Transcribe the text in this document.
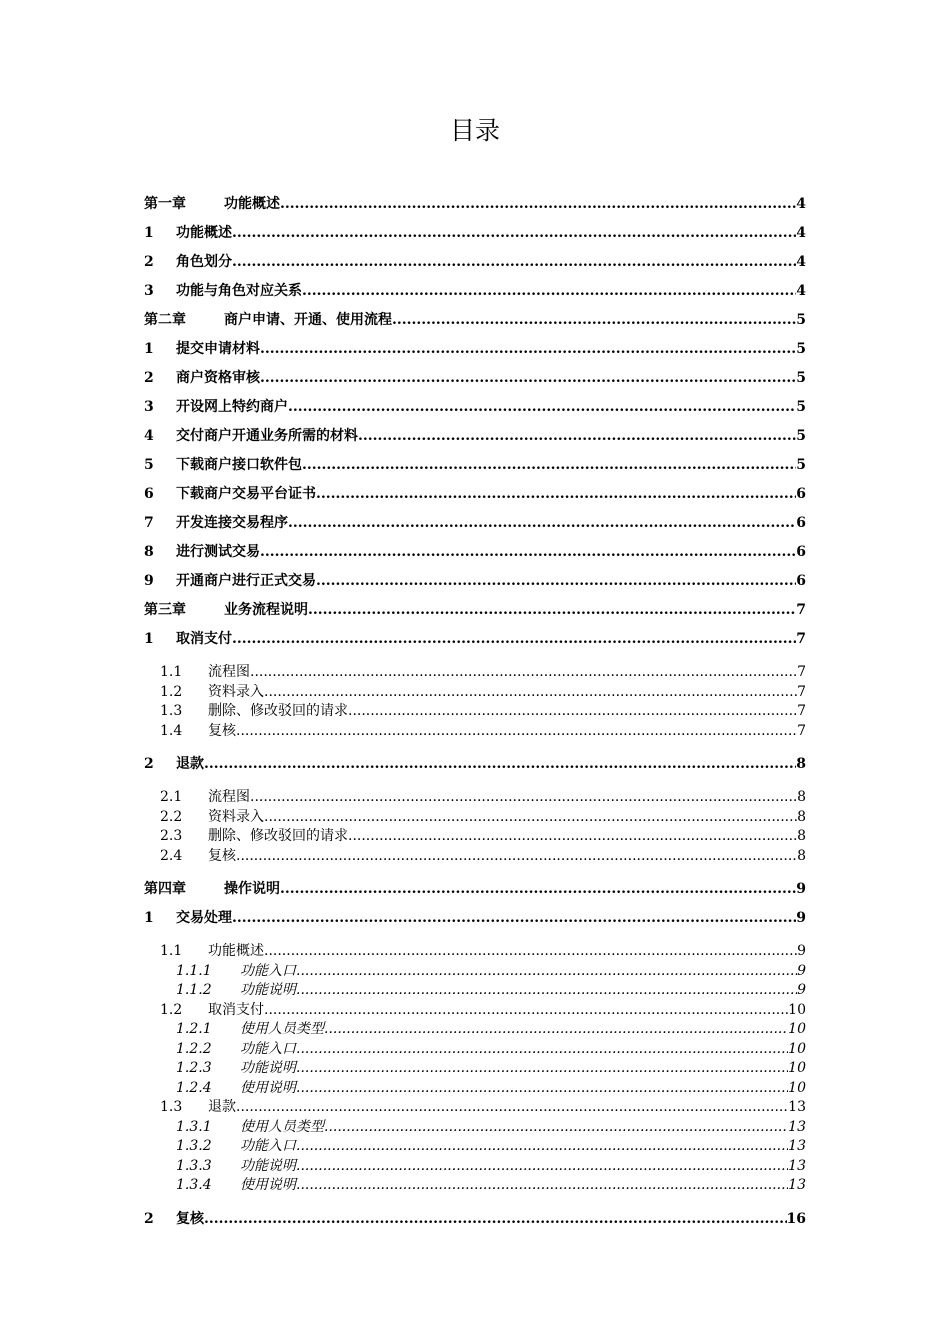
目录
第一章	功能概述 .....	4
1	功能概述 .....	4
2	角色划分 .....	4
3	功能与角色对应关系 .....	4
第二章	商户申请、开通、使用流程 .....	5
1	提交申请材料 .....	5
2	商户资格审核 .....	5
3	开设网上特约商户 .....	5
4	交付商户开通业务所需的材料 .....	5
5	下载商户接口软件包 .....	5
6	下载商户交易平台证书 .....	6
7	开发连接交易程序 .....	6
8	进行测试交易 .....	6
9	开通商户进行正式交易 .....	6
第三章	业务流程说明 .....	7
1	取消支付 .....	7
1.1	流程图 .....	7
1.2	资料录入 .....	7
1.3	删除、修改驳回的请求 .....	7
1.4	复核 .....	7
2	退款 .....	8
2.1	流程图 .....	8
2.2	资料录入 .....	8
2.3	删除、修改驳回的请求 .....	8
2.4	复核 .....	8
第四章	操作说明 .....	9
1	交易处理 .....	9
1.1	功能概述 .....	9
1.1.1	功能入口 .....	9
1.1.2	功能说明 .....	9
1.2	取消支付 .....	10
1.2.1	使用人员类型 .....	10
1.2.2	功能入口 .....	10
1.2.3	功能说明 .....	10
1.2.4	使用说明 .....	10
1.3	退款 .....	13
1.3.1	使用人员类型 .....	13
1.3.2	功能入口 .....	13
1.3.3	功能说明 .....	13
1.3.4	使用说明 .....	13
2	复核 .....	16
